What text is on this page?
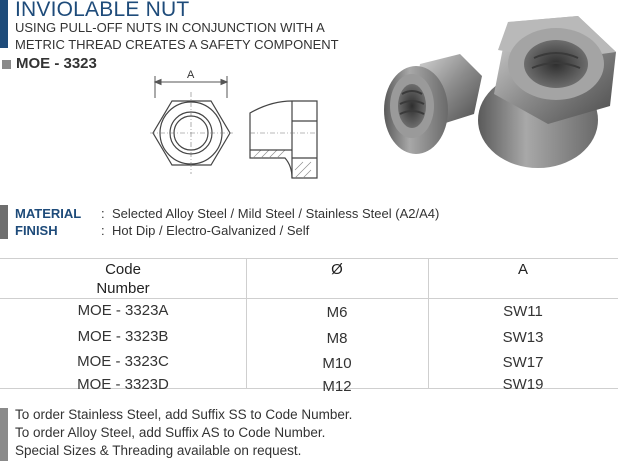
INVIOLABLE NUT
USING PULL-OFF NUTS IN CONJUNCTION WITH A
METRIC THREAD CREATES A SAFETY COMPONENT
MOE - 3323
A
MATERIAL : Selected Alloy Steel / Mild Steel / Stainless Steel (A2/A4)
FINISH	: Hot Dip / Electro-Galvanized / Self
Code
Number
Ø	A
MOE - 3323A	M6	SW11
MOE - 3323B	M8	SW13
MOE - 3323C	M10	SW17
MOE - 3323D	M12	SW19
To order Stainless Steel, add Suffix SS to Code Number.
To order Alloy Steel, add Suffix AS to Code Number.
Special Sizes & Threading available on request.
